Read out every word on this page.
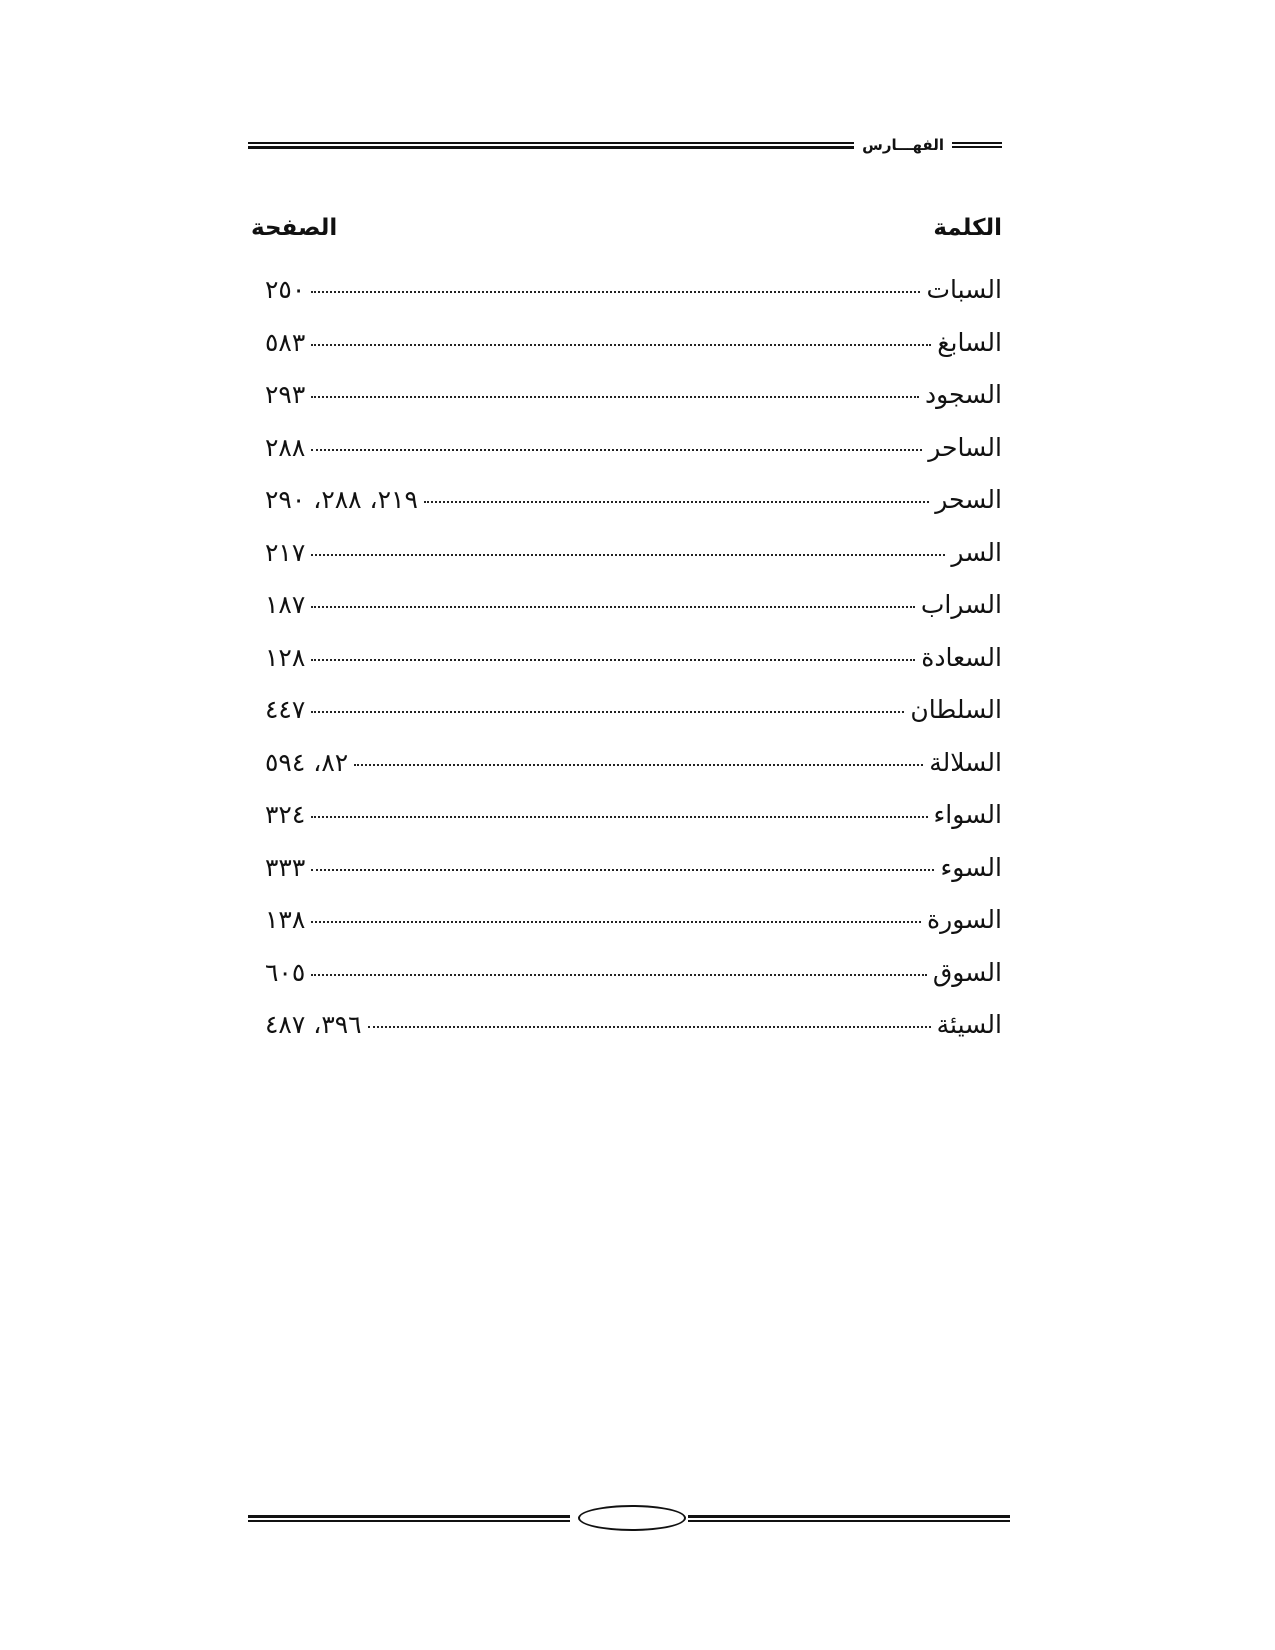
الفهـــارس
الكلمة
الصفحة
السبات
٢٥٠
السابغ
٥٨٣
السجود
٢٩٣
الساحر
٢٨٨
السحر
٢١٩، ٢٨٨، ٢٩٠
السر
٢١٧
السراب
١٨٧
السعادة
١٢٨
السلطان
٤٤٧
السلالة
٨٢، ٥٩٤
السواء
٣٢٤
السوء
٣٣٣
السورة
١٣٨
السوق
٦٠٥
السيئة
٣٩٦، ٤٨٧
